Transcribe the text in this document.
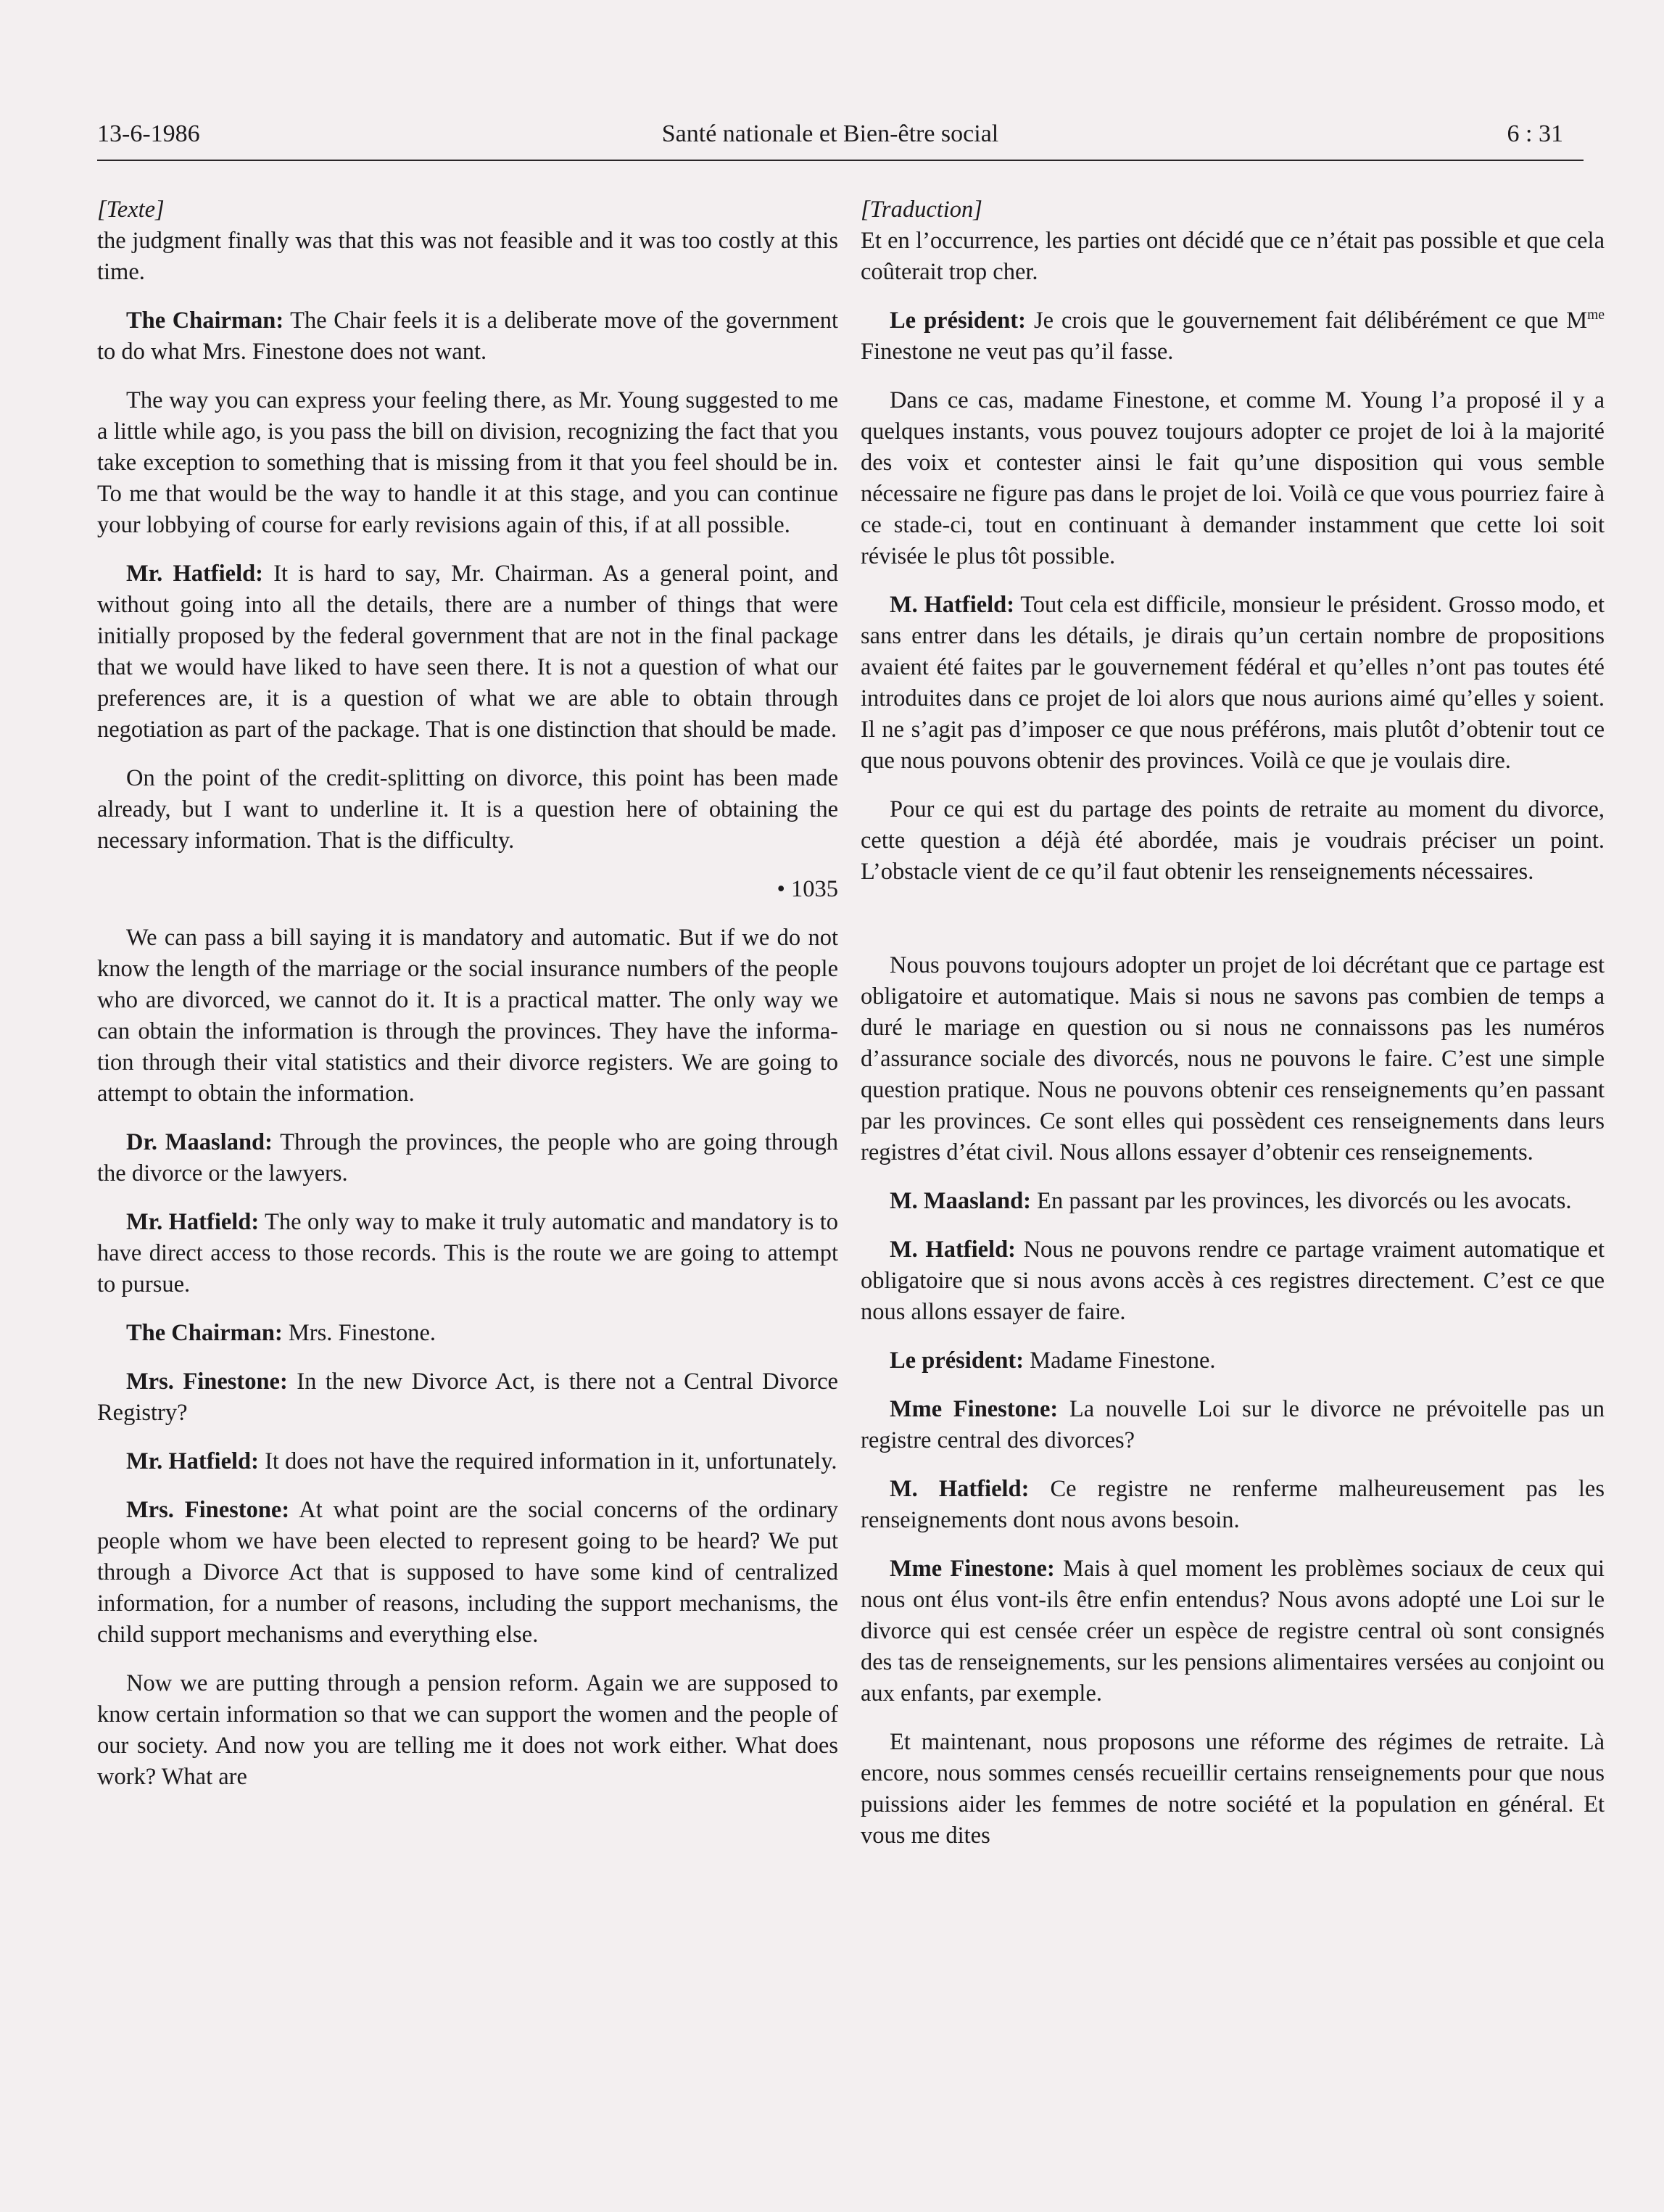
13-6-1986	Santé nationale et Bien-être social	6 : 31
[Texte]

the judgment finally was that this was not feasible and it was too costly at this time.

The Chairman: The Chair feels it is a deliberate move of the government to do what Mrs. Finestone does not want.

The way you can express your feeling there, as Mr. Young suggested to me a little while ago, is you pass the bill on division, recognizing the fact that you take exception to something that is missing from it that you feel should be in. To me that would be the way to handle it at this stage, and you can continue your lobbying of course for early revisions again of this, if at all possible.

Mr. Hatfield: It is hard to say, Mr. Chairman. As a general point, and without going into all the details, there are a number of things that were initially proposed by the federal government that are not in the final package that we would have liked to have seen there. It is not a question of what our preferences are, it is a question of what we are able to obtain through negotiation as part of the package. That is one distinction that should be made.

On the point of the credit-splitting on divorce, this point has been made already, but I want to underline it. It is a question here of obtaining the necessary information. That is the difficulty.

• 1035

We can pass a bill saying it is mandatory and automatic. But if we do not know the length of the marriage or the social insurance numbers of the people who are divorced, we cannot do it. It is a practical matter. The only way we can obtain the information is through the provinces. They have the information through their vital statistics and their divorce registers. We are going to attempt to obtain the information.

Dr. Maasland: Through the provinces, the people who are going through the divorce or the lawyers.

Mr. Hatfield: The only way to make it truly automatic and mandatory is to have direct access to those records. This is the route we are going to attempt to pursue.

The Chairman: Mrs. Finestone.

Mrs. Finestone: In the new Divorce Act, is there not a Central Divorce Registry?

Mr. Hatfield: It does not have the required information in it, unfortunately.

Mrs. Finestone: At what point are the social concerns of the ordinary people whom we have been elected to represent going to be heard? We put through a Divorce Act that is supposed to have some kind of centralized information, for a number of reasons, including the support mechanisms, the child support mechanisms and everything else.

Now we are putting through a pension reform. Again we are supposed to know certain information so that we can support the women and the people of our society. And now you are telling me it does not work either. What does work? What are

[Traduction]

Et en l’occurrence, les parties ont décidé que ce n’était pas possible et que cela coûterait trop cher.

Le président: Je crois que le gouvernement fait délibérément ce que $M^{me}$ Finestone ne veut pas qu’il fasse.

Dans ce cas, madame Finestone, et comme M. Young l’a proposé il y a quelques instants, vous pouvez toujours adopter ce projet de loi à la majorité des voix et contester ainsi le fait qu’une disposition qui vous semble nécessaire ne figure pas dans le projet de loi. Voilà ce que vous pourriez faire à ce stade-ci, tout en continuant à demander instamment que cette loi soit révisée le plus tôt possible.

M. Hatfield: Tout cela est difficile, monsieur le président. Grosso modo, et sans entrer dans les détails, je dirais qu’un certain nombre de propositions avaient été faites par le gouvernement fédéral et qu’elles n’ont pas toutes été introduites dans ce projet de loi alors que nous aurions aimé qu’elles y soient. Il ne s’agit pas d’imposer ce que nous préférons, mais plutôt d’obtenir tout ce que nous pouvons obtenir des provinces. Voilà ce que je voulais dire.

Pour ce qui est du partage des points de retraite au moment du divorce, cette question a déjà été abordée, mais je voudrais préciser un point. L’obstacle vient de ce qu’il faut obtenir les renseignements nécessaires.

Nous pouvons toujours adopter un projet de loi décrétant que ce partage est obligatoire et automatique. Mais si nous ne savons pas combien de temps a duré le mariage en question ou si nous ne connaissons pas les numéros d’assurance sociale des divorcés, nous ne pouvons le faire. C’est une simple question pratique. Nous ne pouvons obtenir ces renseignements qu’en passant par les provinces. Ce sont elles qui possèdent ces renseignements dans leurs registres d’état civil. Nous allons essayer d’obtenir ces renseignements.

M. Maasland: En passant par les provinces, les divorcés ou les avocats.

M. Hatfield: Nous ne pouvons rendre ce partage vraiment automatique et obligatoire que si nous avons accès à ces registres directement. C’est ce que nous allons essayer de faire.

Le président: Madame Finestone.

Mme Finestone: La nouvelle Loi sur le divorce ne prévoitelle pas un registre central des divorces?

M. Hatfield: Ce registre ne renferme malheureusement pas les renseignements dont nous avons besoin.

Mme Finestone: Mais à quel moment les problèmes sociaux de ceux qui nous ont élus vont-ils être enfin entendus? Nous avons adopté une Loi sur le divorce qui est censée créer un espèce de registre central où sont consignés des tas de renseignements, sur les pensions alimentaires versées au conjoint ou aux enfants, par exemple.

Et maintenant, nous proposons une réforme des régimes de retraite. Là encore, nous sommes censés recueillir certains renseignements pour que nous puissions aider les femmes de notre société et la population en général. Et vous me dites
